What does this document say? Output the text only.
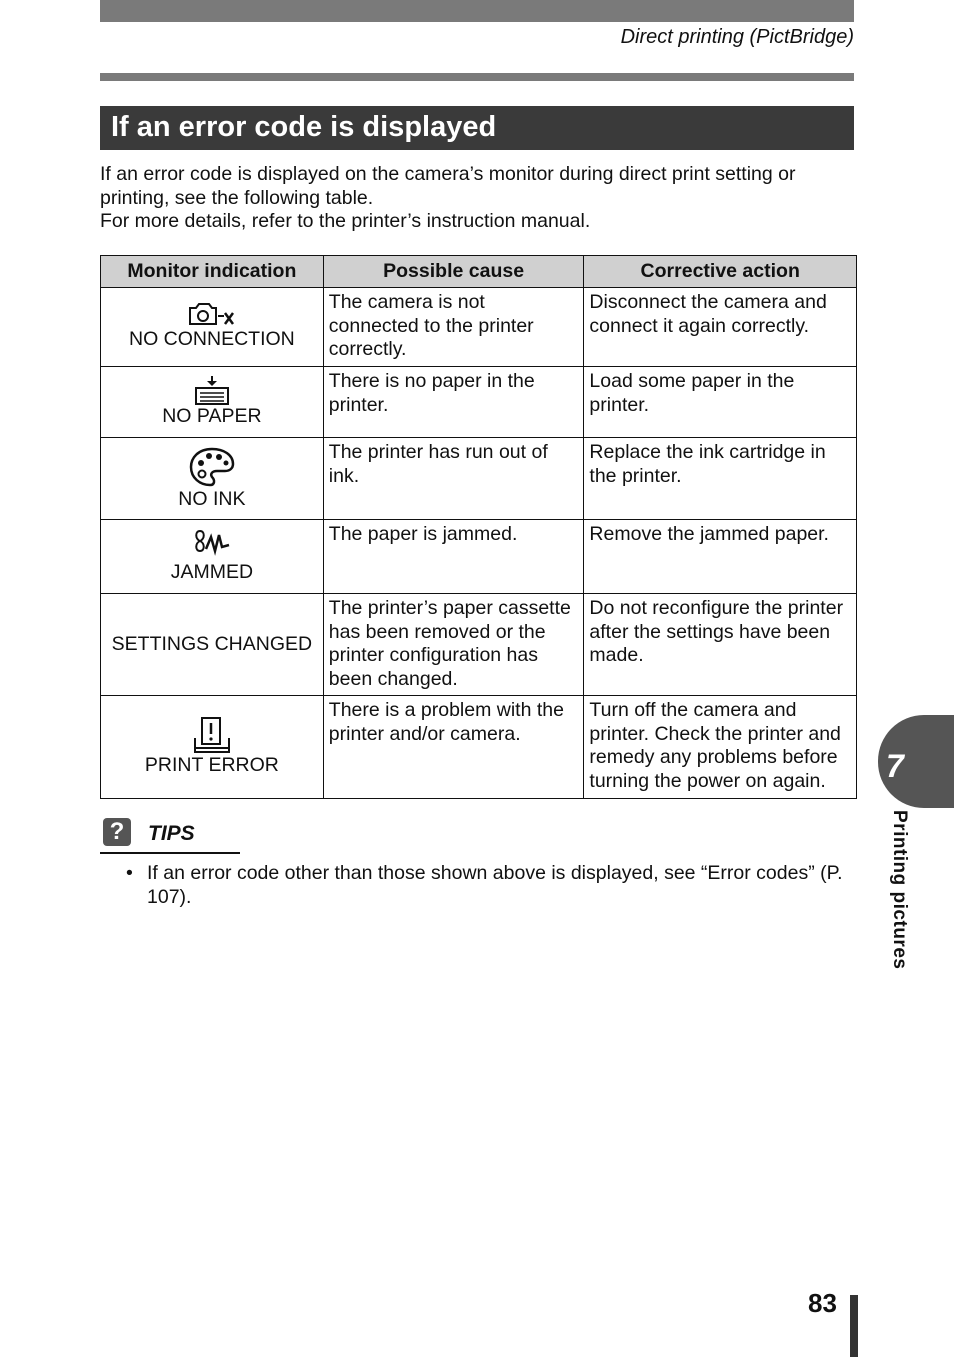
Direct printing (PictBridge)
If an error code is displayed

If an error code is displayed on the camera’s monitor during direct print setting or printing, see the following table.

For more details, refer to the printer’s instruction manual.

Monitor indication	Possible cause	Corrective action

NO CONNECTION	The camera is not connected to the printer correctly.	Disconnect the camera and connect it again correctly.

NO PAPER	There is no paper in the printer.	Load some paper in the printer.

NO INK	The printer has run out of ink.	Replace the ink cartridge in the printer.

JAMMED	The paper is jammed.	Remove the jammed paper.

SETTINGS CHANGED	The printer’s paper cassette has been removed or the printer configuration has been changed.	Do not reconfigure the printer after the settings have been made.

PRINT ERROR	There is a problem with the printer and/or camera.	Turn off the camera and printer. Check the printer and remedy any problems before turning the power on again.
?	TIPS
• If an error code other than those shown above is displayed, see “Error codes” (P. 107).
7
Printing pictures
83
